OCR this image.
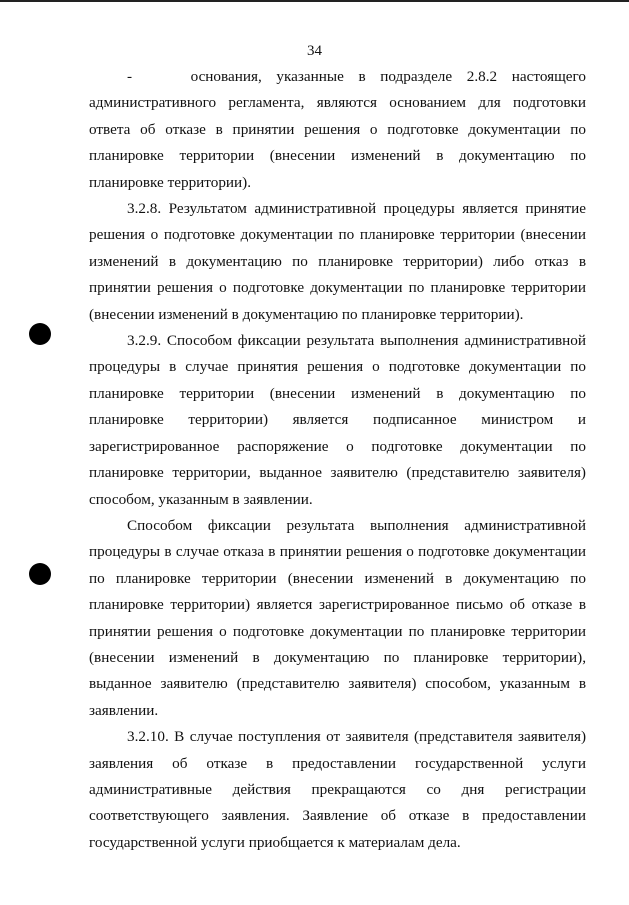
34

-    основания, указанные в подразделе 2.8.2 настоящего административного регламента, являются основанием для подготовки ответа об отказе в принятии решения о подготовке документации по планировке территории (внесении изменений в документацию по планировке территории).

3.2.8. Результатом административной процедуры является принятие решения о подготовке документации по планировке территории (внесении изменений в документацию по планировке территории) либо отказ в принятии решения о подготовке документации по планировке территории (внесении изменений в документацию по планировке территории).

3.2.9. Способом фиксации результата выполнения административной процедуры в случае принятия решения о подготовке документации по планировке территории (внесении изменений в документацию по планировке территории) является подписанное министром и зарегистрированное распоряжение о подготовке документации по планировке территории, выданное заявителю (представителю заявителя) способом, указанным в заявлении.

Способом фиксации результата выполнения административной процедуры в случае отказа в принятии решения о подготовке документации по планировке территории (внесении изменений в документацию по планировке территории) является зарегистрированное письмо об отказе в принятии решения о подготовке документации по планировке территории (внесении изменений в документацию по планировке территории), выданное заявителю (представителю заявителя) способом, указанным в заявлении.

3.2.10. В случае поступления от заявителя (представителя заявителя) заявления об отказе в предоставлении государственной услуги административные действия прекращаются со дня регистрации соответствующего заявления. Заявление об отказе в предоставлении государственной услуги приобщается к материалам дела.
